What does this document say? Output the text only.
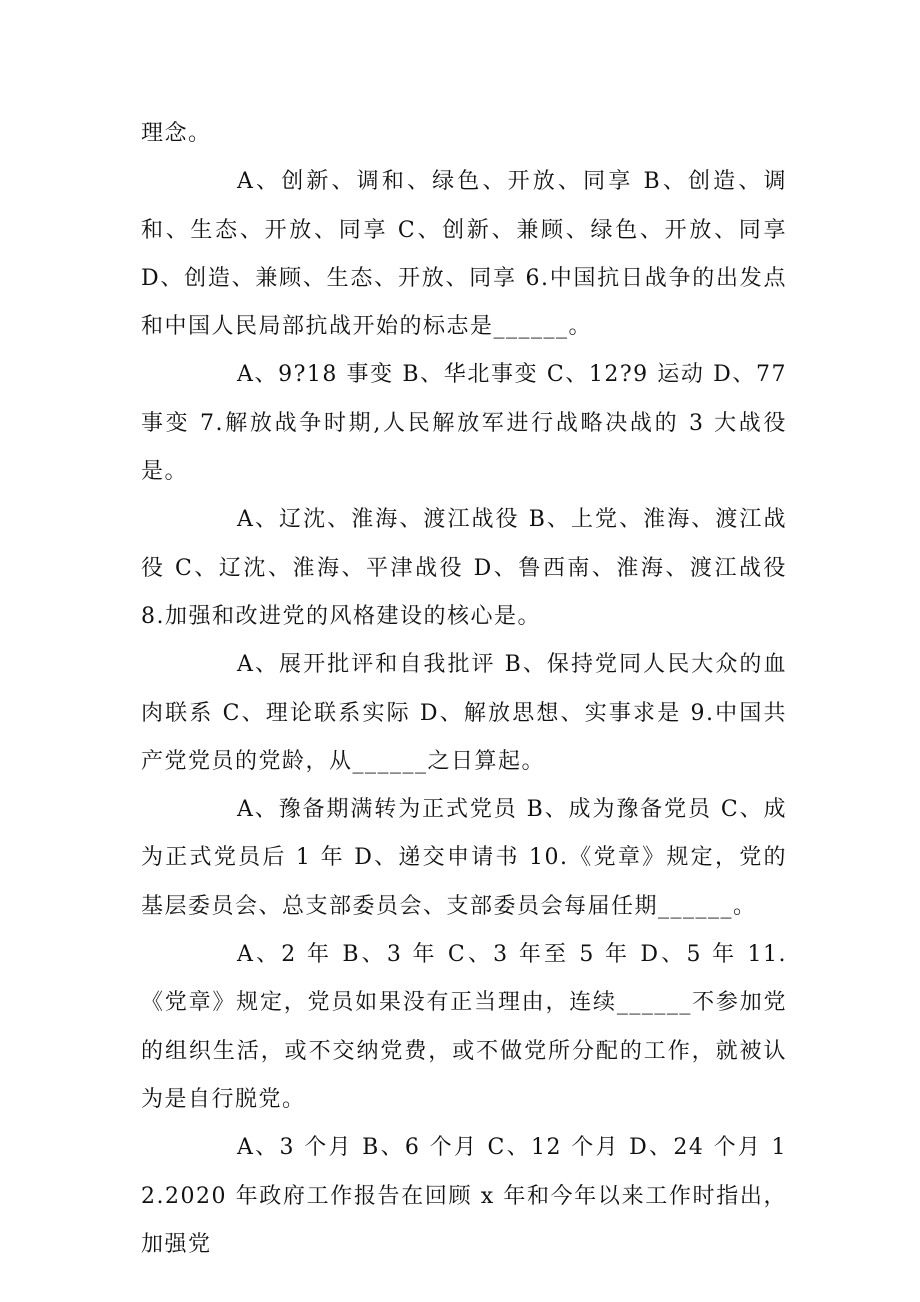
理念。

A、创新、调和、绿色、开放、同享 B、创造、调和、生态、开放、同享 C、创新、兼顾、绿色、开放、同享 D、创造、兼顾、生态、开放、同享 6.中国抗日战争的出发点和中国人民局部抗战开始的标志是______。

A、9?18 事变 B、华北事变 C、12?9 运动 D、77 事变 7.解放战争时期,人民解放军进行战略决战的 3 大战役是。

A、辽沈、淮海、渡江战役 B、上党、淮海、渡江战役 C、辽沈、淮海、平津战役 D、鲁西南、淮海、渡江战役 8.加强和改进党的风格建设的核心是。

A、展开批评和自我批评 B、保持党同人民大众的血肉联系 C、理论联系实际 D、解放思想、实事求是 9.中国共产党党员的党龄，从______之日算起。

A、豫备期满转为正式党员 B、成为豫备党员 C、成为正式党员后 1 年 D、递交申请书 10.《党章》规定，党的基层委员会、总支部委员会、支部委员会每届任期______。

A、2 年 B、3 年 C、3 年至 5 年 D、5 年 11.《党章》规定，党员如果没有正当理由，连续______不参加党的组织生活，或不交纳党费，或不做党所分配的工作，就被认为是自行脱党。

A、3 个月 B、6 个月 C、12 个月 D、24 个月 12.2020 年政府工作报告在回顾 x 年和今年以来工作时指出，加强党
